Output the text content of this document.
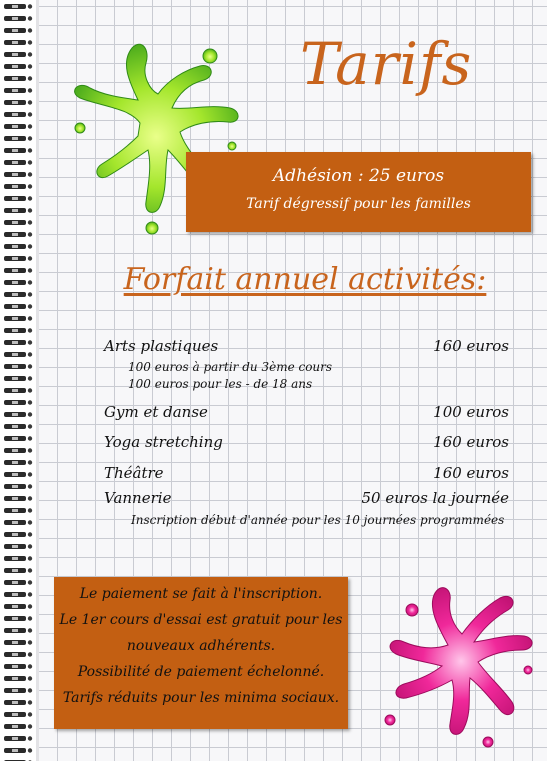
Tarifs
Adhésion : 25 euros
Tarif dégressif pour les familles
Forfait annuel activités:
Arts plastiques	160 euros
100 euros à partir du 3ème cours
100 euros pour les - de 18 ans
Gym et danse	100 euros
Yoga stretching	160 euros
Théâtre	160 euros
Vannerie	50 euros la journée
Inscription début d'année pour les 10 journées programmées
Le paiement se fait à l'inscription.
Le 1er cours d'essai est gratuit pour les
nouveaux adhérents.
Possibilité de paiement échelonné.
Tarifs réduits pour les minima sociaux.
